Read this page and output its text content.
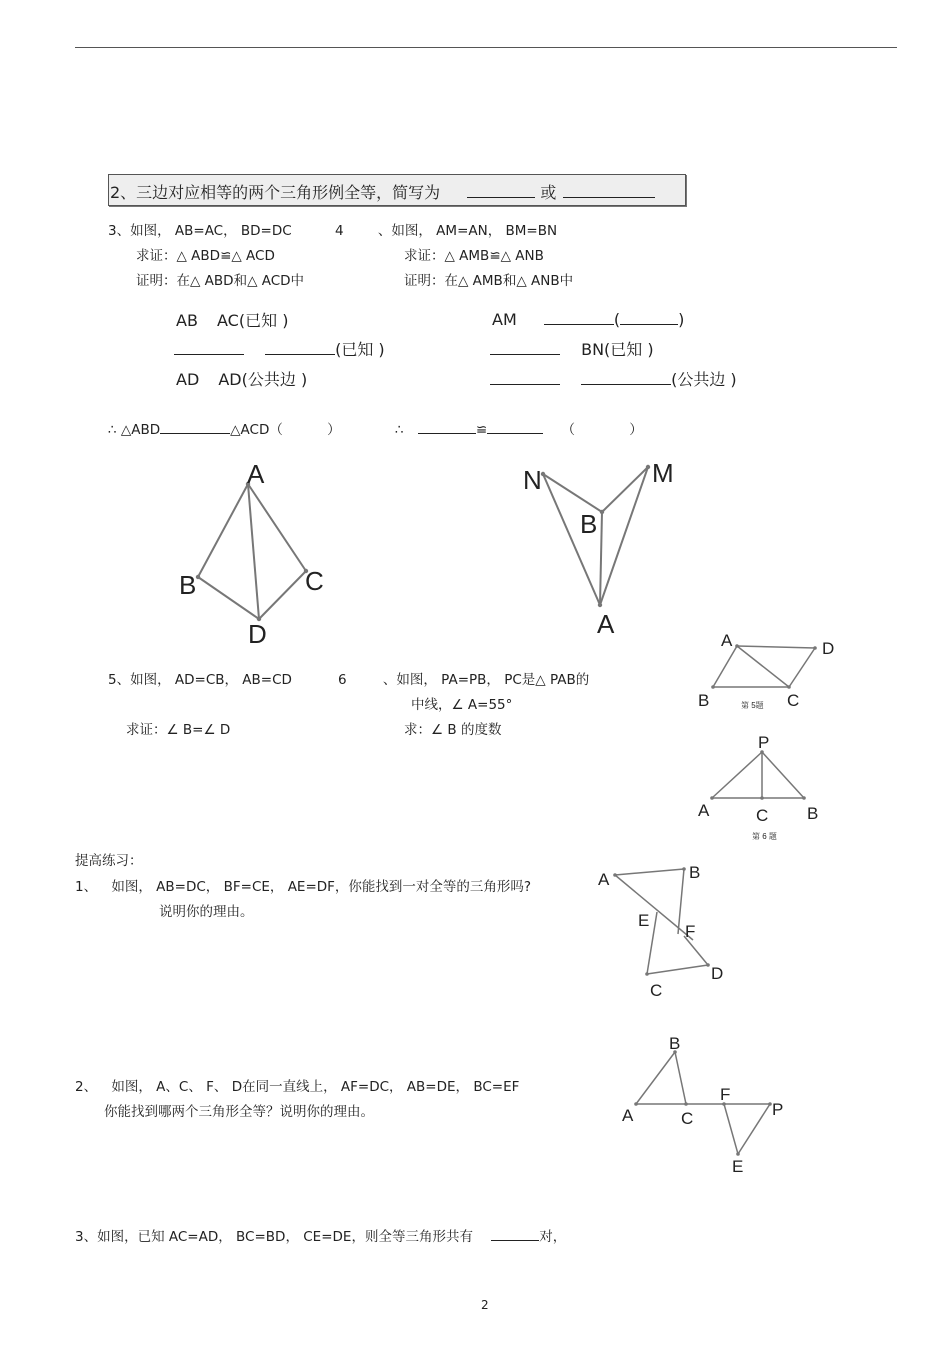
2、三边对应相等的两个三角形例全等，简写为	或
3、如图， AB=AC， BD=DC
求证：△ ABD≌△ ACD
证明：在△ ABD和△ ACD中
AB AC(已知 )
(已知 )
AD AD(公共边 )
∴ △ABD	△ACD（	）
4	、如图， AM=AN， BM=BN
求证：△ AMB≌△ ANB
证明：在△ AMB和△ ANB中
AM	(	)
BN(已知 )
(公共边 )
∴	≌	（	）
A
B	C
D
N	M
B
A
A	D
B	C
第 5题
P
A	C B
第 6 题
A	B
E
F
C
D
B
F
A	C	P
E
5、如图， AD=CB， AB=CD
求证：∠ B=∠ D
6	、如图， PA=PB， PC是△ PAB的
中线，∠ A=55°
求：∠ B 的度数
提高练习：
1、 如图， AB=DC， BF=CE， AE=DF，你能找到一对全等的三角形吗?
说明你的理由。
2、 如图， A、C、 F、 D在同一直线上， AF=DC， AB=DE， BC=EF
你能找到哪两个三角形全等？说明你的理由。
3、如图，已知 AC=AD， BC=BD， CE=DE，则全等三角形共有	对，
2
